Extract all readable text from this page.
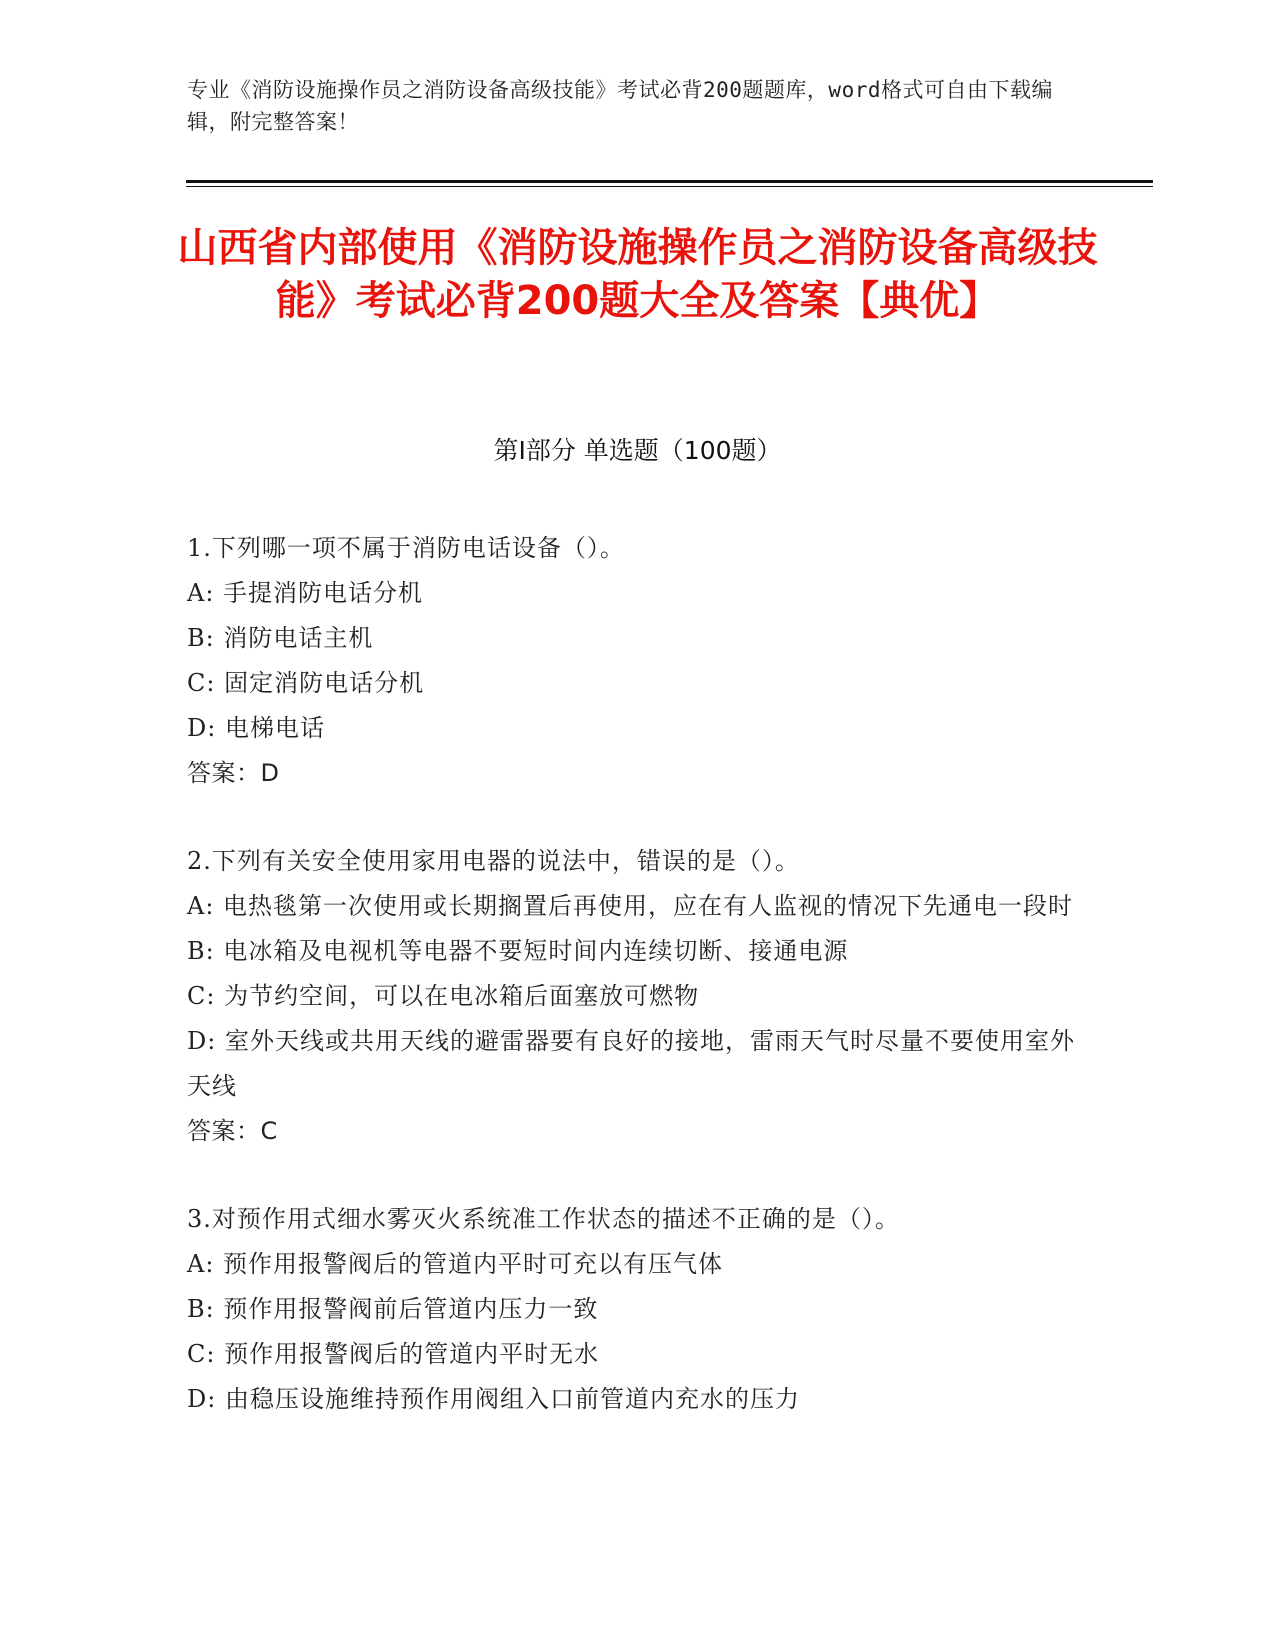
专业《消防设施操作员之消防设备高级技能》考试必背200题题库，word格式可自由下载编辑，附完整答案！
山西省内部使用《消防设施操作员之消防设备高级技能》考试必背200题大全及答案【典优】
第Ⅰ部分 单选题（100题）
1.下列哪一项不属于消防电话设备（）。
A: 手提消防电话分机
B: 消防电话主机
C: 固定消防电话分机
D: 电梯电话
答案：D
2.下列有关安全使用家用电器的说法中，错误的是（）。
A: 电热毯第一次使用或长期搁置后再使用，应在有人监视的情况下先通电一段时
B: 电冰箱及电视机等电器不要短时间内连续切断、接通电源
C: 为节约空间，可以在电冰箱后面塞放可燃物
D: 室外天线或共用天线的避雷器要有良好的接地，雷雨天气时尽量不要使用室外天线
答案：C
3.对预作用式细水雾灭火系统准工作状态的描述不正确的是（）。
A: 预作用报警阀后的管道内平时可充以有压气体
B: 预作用报警阀前后管道内压力一致
C: 预作用报警阀后的管道内平时无水
D: 由稳压设施维持预作用阀组入口前管道内充水的压力
